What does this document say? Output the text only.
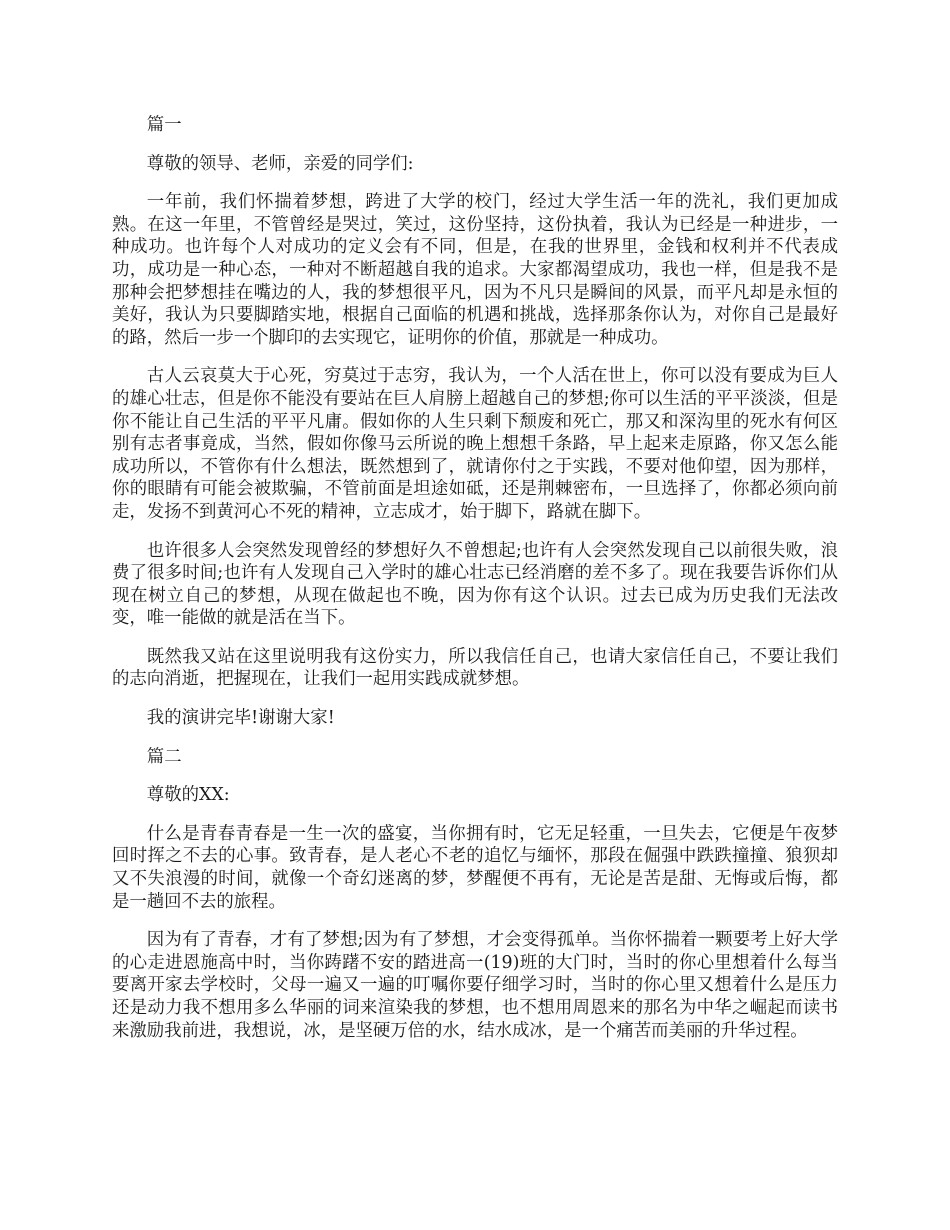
篇一

尊敬的领导、老师，亲爱的同学们:

一年前，我们怀揣着梦想，跨进了大学的校门，经过大学生活一年的洗礼，我们更加成熟。在这一年里，不管曾经是哭过，笑过，这份坚持，这份执着，我认为已经是一种进步，一种成功。也许每个人对成功的定义会有不同，但是，在我的世界里，金钱和权利并不代表成功，成功是一种心态，一种对不断超越自我的追求。大家都渴望成功，我也一样，但是我不是那种会把梦想挂在嘴边的人，我的梦想很平凡，因为不凡只是瞬间的风景，而平凡却是永恒的美好，我认为只要脚踏实地，根据自己面临的机遇和挑战，选择那条你认为，对你自己是最好的路，然后一步一个脚印的去实现它，证明你的价值，那就是一种成功。

古人云哀莫大于心死，穷莫过于志穷，我认为，一个人活在世上，你可以没有要成为巨人的雄心壮志，但是你不能没有要站在巨人肩膀上超越自己的梦想;你可以生活的平平淡淡，但是你不能让自己生活的平平凡庸。假如你的人生只剩下颓废和死亡，那又和深沟里的死水有何区别有志者事竟成，当然，假如你像马云所说的晚上想想千条路，早上起来走原路，你又怎么能成功所以，不管你有什么想法，既然想到了，就请你付之于实践，不要对他仰望，因为那样，你的眼睛有可能会被欺骗，不管前面是坦途如砥，还是荆棘密布，一旦选择了，你都必须向前走，发扬不到黄河心不死的精神，立志成才，始于脚下，路就在脚下。

也许很多人会突然发现曾经的梦想好久不曾想起;也许有人会突然发现自己以前很失败，浪费了很多时间;也许有人发现自己入学时的雄心壮志已经消磨的差不多了。现在我要告诉你们从现在树立自己的梦想，从现在做起也不晚，因为你有这个认识。过去已成为历史我们无法改变，唯一能做的就是活在当下。

既然我又站在这里说明我有这份实力，所以我信任自己，也请大家信任自己，不要让我们的志向消逝，把握现在，让我们一起用实践成就梦想。

我的演讲完毕!谢谢大家!

篇二

尊敬的XX:

什么是青春青春是一生一次的盛宴，当你拥有时，它无足轻重，一旦失去，它便是午夜梦回时挥之不去的心事。致青春，是人老心不老的追忆与缅怀，那段在倔强中跌跌撞撞、狼狈却又不失浪漫的时间，就像一个奇幻迷离的梦，梦醒便不再有，无论是苦是甜、无悔或后悔，都是一趟回不去的旅程。

因为有了青春，才有了梦想;因为有了梦想，才会变得孤单。当你怀揣着一颗要考上好大学的心走进恩施高中时，当你踌躇不安的踏进高一(19)班的大门时，当时的你心里想着什么每当要离开家去学校时，父母一遍又一遍的叮嘱你要仔细学习时，当时的你心里又想着什么是压力还是动力我不想用多么华丽的词来渲染我的梦想，也不想用周恩来的那名为中华之崛起而读书来激励我前进，我想说，冰，是坚硬万倍的水，结水成冰，是一个痛苦而美丽的升华过程。
